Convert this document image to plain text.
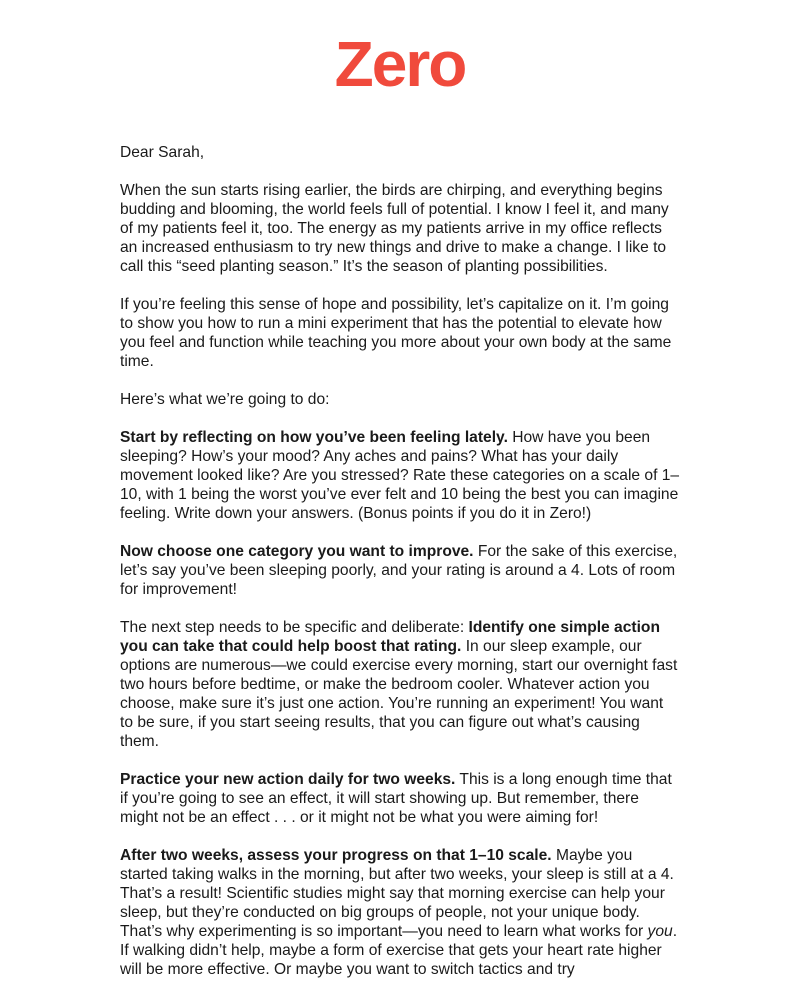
Zero

Dear Sarah,

When the sun starts rising earlier, the birds are chirping, and everything begins budding and blooming, the world feels full of potential. I know I feel it, and many of my patients feel it, too. The energy as my patients arrive in my office reflects an increased enthusiasm to try new things and drive to make a change. I like to call this “seed planting season.” It’s the season of planting possibilities.

If you’re feeling this sense of hope and possibility, let’s capitalize on it. I’m going to show you how to run a mini experiment that has the potential to elevate how you feel and function while teaching you more about your own body at the same time.

Here’s what we’re going to do:

Start by reflecting on how you’ve been feeling lately. How have you been sleeping? How’s your mood? Any aches and pains? What has your daily movement looked like? Are you stressed? Rate these categories on a scale of 1–10, with 1 being the worst you’ve ever felt and 10 being the best you can imagine feeling. Write down your answers. (Bonus points if you do it in Zero!)

Now choose one category you want to improve. For the sake of this exercise, let’s say you’ve been sleeping poorly, and your rating is around a 4. Lots of room for improvement!

The next step needs to be specific and deliberate: Identify one simple action you can take that could help boost that rating. In our sleep example, our options are numerous—we could exercise every morning, start our overnight fast two hours before bedtime, or make the bedroom cooler. Whatever action you choose, make sure it’s just one action. You’re running an experiment! You want to be sure, if you start seeing results, that you can figure out what’s causing them.

Practice your new action daily for two weeks. This is a long enough time that if you’re going to see an effect, it will start showing up. But remember, there might not be an effect . . . or it might not be what you were aiming for!

After two weeks, assess your progress on that 1–10 scale. Maybe you started taking walks in the morning, but after two weeks, your sleep is still at a 4. That’s a result! Scientific studies might say that morning exercise can help your sleep, but they’re conducted on big groups of people, not your unique body. That’s why experimenting is so important—you need to learn what works for you. If walking didn’t help, maybe a form of exercise that gets your heart rate higher will be more effective. Or maybe you want to switch tactics and try
